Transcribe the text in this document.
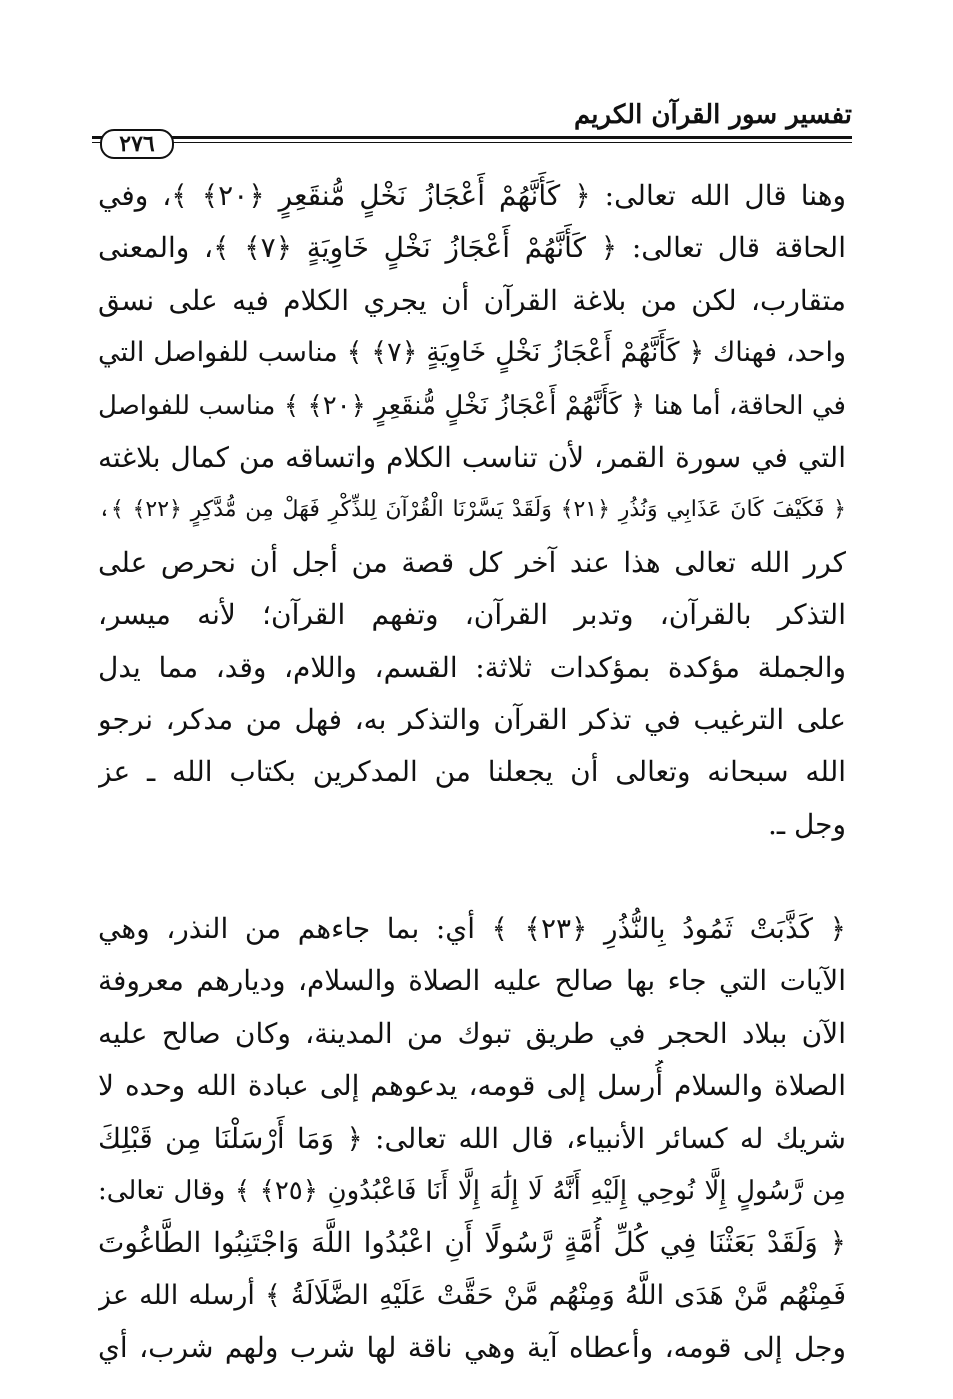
تفسير سور القرآن الكريم
٢٧٦
وهنا قال الله تعالى: ﴿ كَأَنَّهُمْ أَعْجَازُ نَخْلٍ مُّنقَعِرٍ ﴿٢٠﴾ ﴾، وفي
الحاقة قال تعالى: ﴿ كَأَنَّهُمْ أَعْجَازُ نَخْلٍ خَاوِيَةٍ ﴿٧﴾ ﴾، والمعنى
متقارب، لكن من بلاغة القرآن أن يجري الكلام فيه على نسق
واحد، فهناك ﴿ كَأَنَّهُمْ أَعْجَازُ نَخْلٍ خَاوِيَةٍ ﴿٧﴾ ﴾ مناسب للفواصل التي
في الحاقة، أما هنا ﴿ كَأَنَّهُمْ أَعْجَازُ نَخْلٍ مُّنقَعِرٍ ﴿٢٠﴾ ﴾ مناسب للفواصل
التي في سورة القمر، لأن تناسب الكلام واتساقه من كمال بلاغته
﴿ فَكَيْفَ كَانَ عَذَابِي وَنُذُرِ ﴿٢١﴾ وَلَقَدْ يَسَّرْنَا الْقُرْآنَ لِلذِّكْرِ فَهَلْ مِن مُّدَّكِرٍ ﴿٢٢﴾ ﴾،
كرر الله تعالى هذا عند آخر كل قصة من أجل أن نحرص على
التذكر بالقرآن، وتدبر القرآن، وتفهم القرآن؛ لأنه ميسر،
والجملة مؤكدة بمؤكدات ثلاثة: القسم، واللام، وقد، مما يدل
على الترغيب في تذكر القرآن والتذكر به، فهل من مدكر، نرجو
الله سبحانه وتعالى أن يجعلنا من المدكرين بكتاب الله ـ عز
وجل ـ.
﴿ كَذَّبَتْ ثَمُودُ بِالنُّذُرِ ﴿٢٣﴾ ﴾ أي: بما جاءهم من النذر، وهي
الآيات التي جاء بها صالح عليه الصلاة والسلام، وديارهم معروفة
الآن ببلاد الحجر في طريق تبوك من المدينة، وكان صالح عليه
الصلاة والسلام أُرسل إلى قومه، يدعوهم إلى عبادة الله وحده لا
شريك له كسائر الأنبياء، قال الله تعالى: ﴿ وَمَا أَرْسَلْنَا مِن قَبْلِكَ
مِن رَّسُولٍ إِلَّا نُوحِي إِلَيْهِ أَنَّهُ لَا إِلَٰهَ إِلَّا أَنَا فَاعْبُدُونِ ﴿٢٥﴾ ﴾ وقال تعالى:
﴿ وَلَقَدْ بَعَثْنَا فِي كُلِّ أُمَّةٍ رَّسُولًا أَنِ اعْبُدُوا اللَّهَ وَاجْتَنِبُوا الطَّاغُوتَ
فَمِنْهُم مَّنْ هَدَى اللَّهُ وَمِنْهُم مَّنْ حَقَّتْ عَلَيْهِ الضَّلَالَةُ ﴾ أرسله الله عز
وجل إلى قومه، وأعطاه آية وهي ناقة لها شرب ولهم شرب، أي
